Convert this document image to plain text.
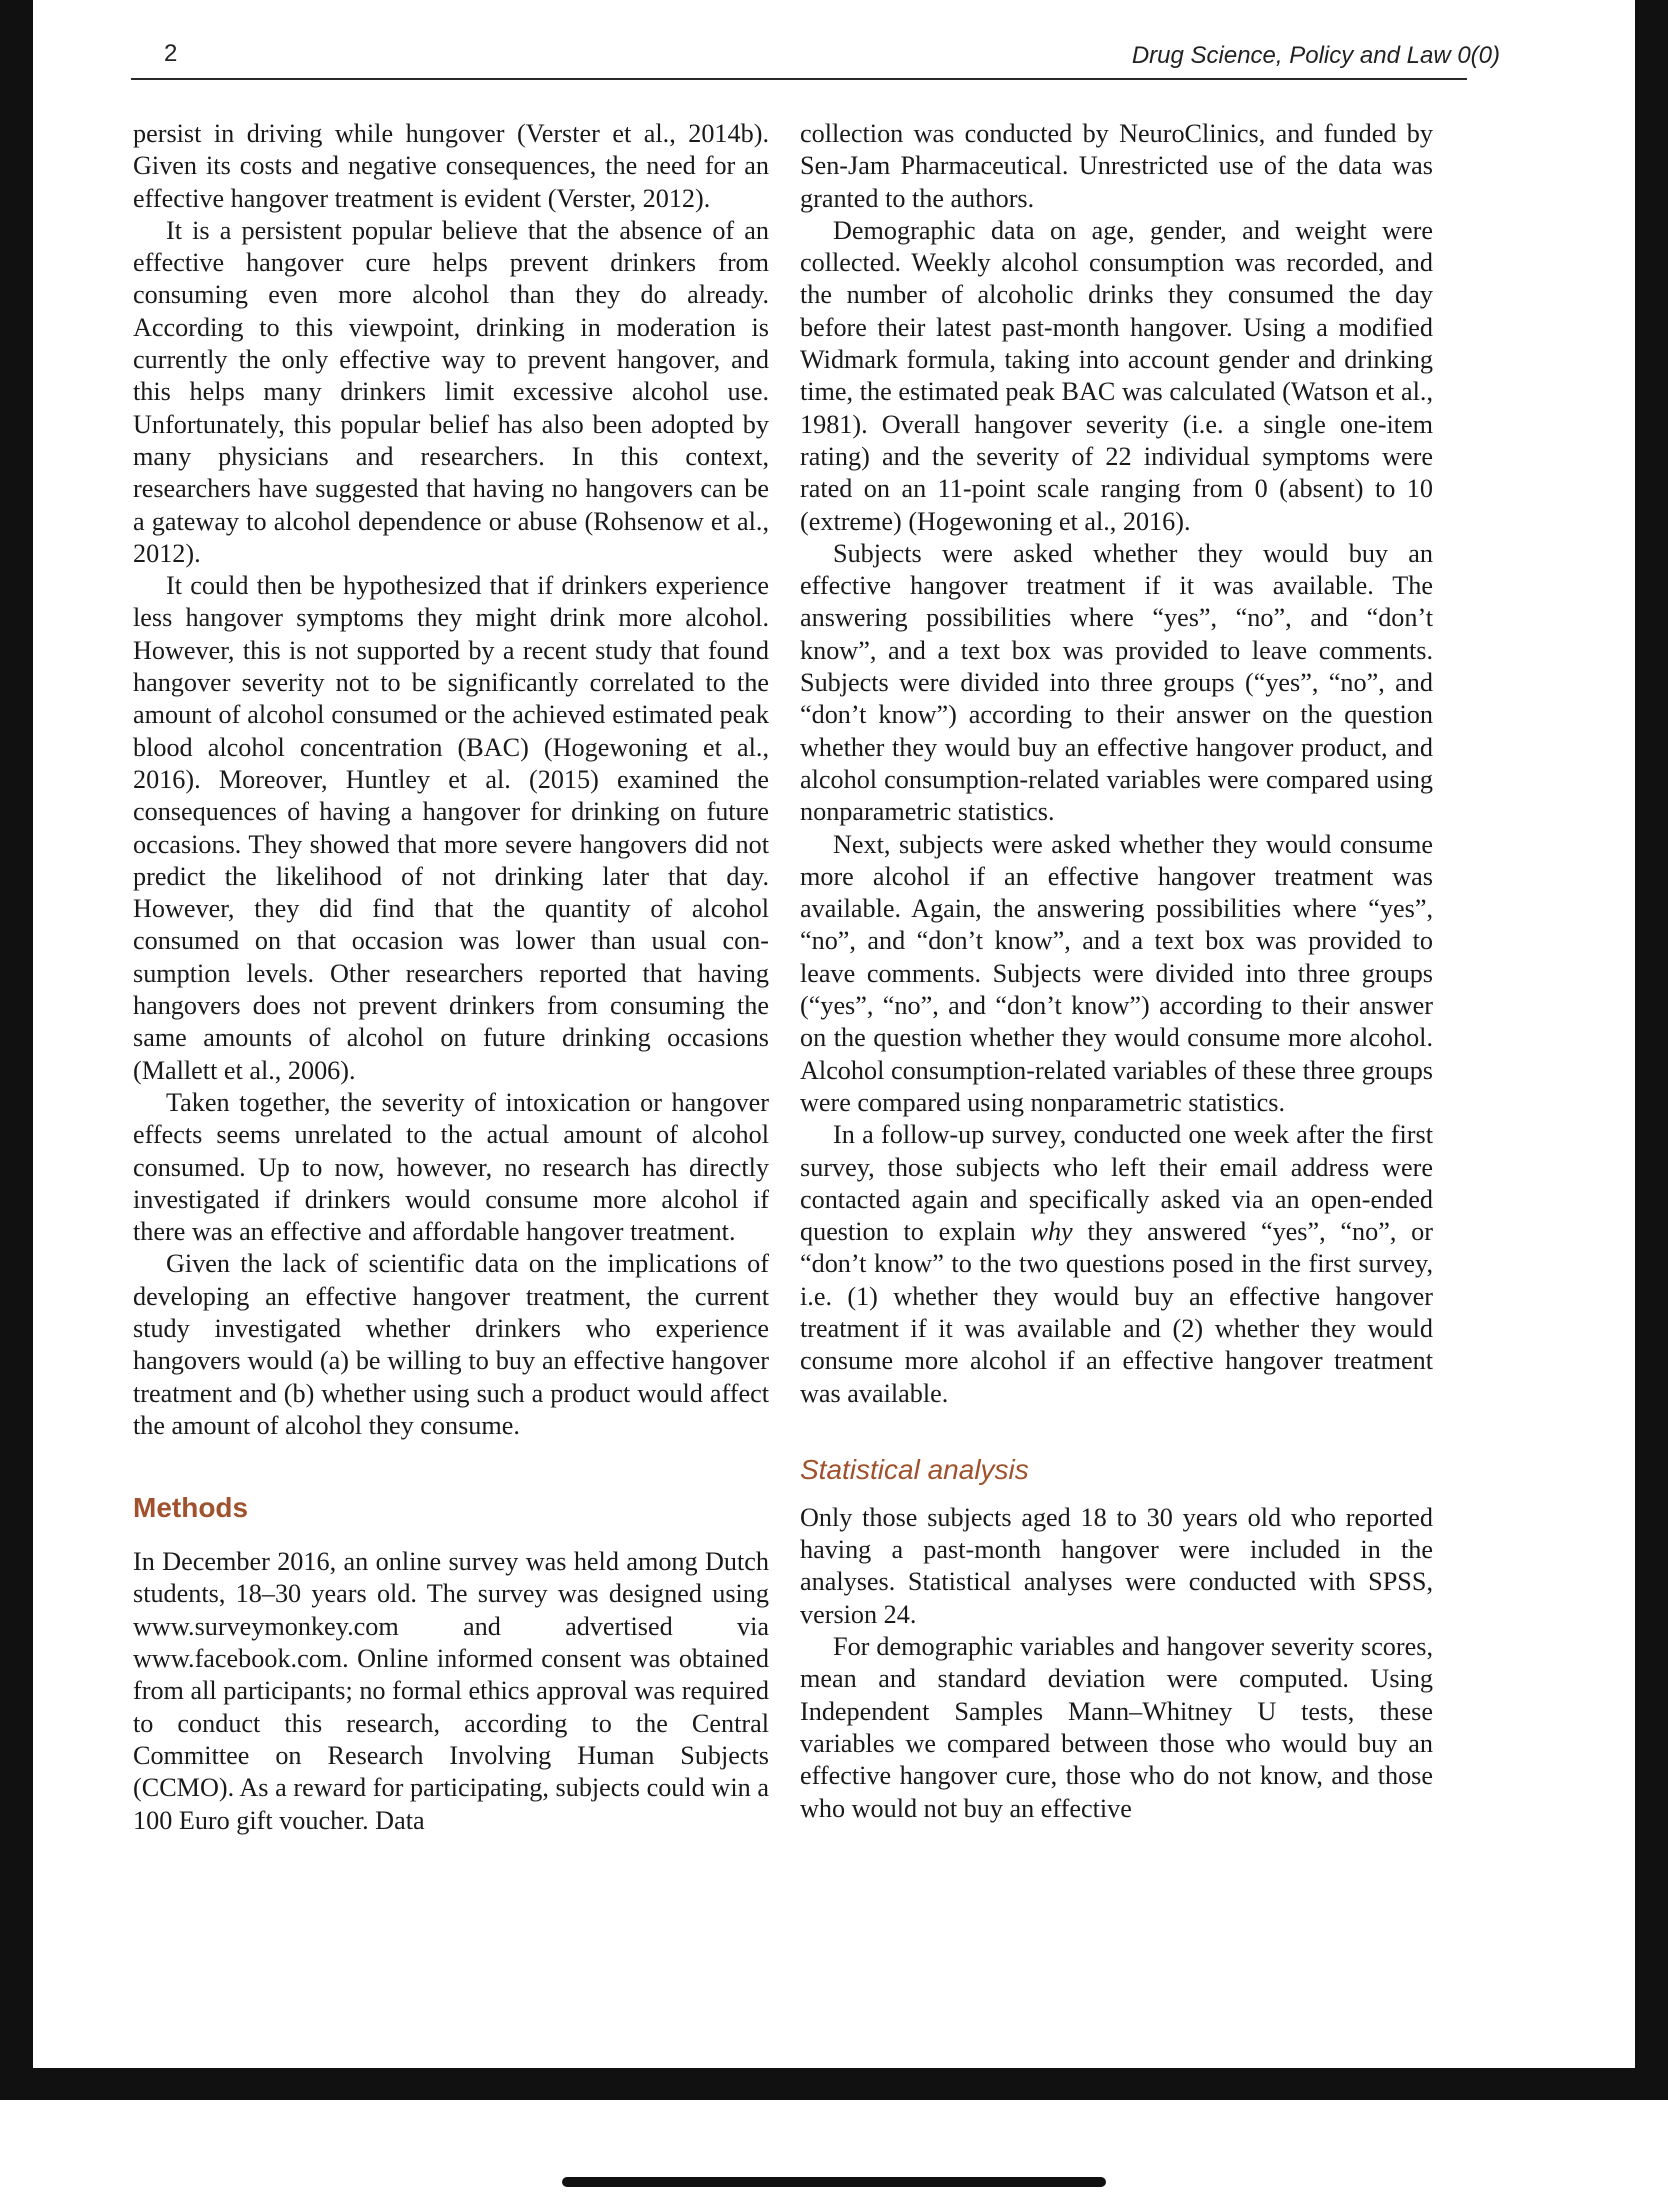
2	Drug Science, Policy and Law 0(0)

persist in driving while hungover (Verster et al., 2014b). Given its costs and negative consequences, the need for an effective hangover treatment is evident (Verster, 2012).

It is a persistent popular believe that the absence of an effective hangover cure helps prevent drinkers from consuming even more alcohol than they do already. According to this viewpoint, drinking in moderation is currently the only effective way to prevent hangover, and this helps many drinkers limit excessive alcohol use. Unfortunately, this popular belief has also been adopted by many physicians and researchers. In this context, researchers have suggested that having no hangovers can be a gateway to alcohol dependence or abuse (Rohsenow et al., 2012).

It could then be hypothesized that if drinkers experience less hangover symptoms they might drink more alcohol. However, this is not supported by a recent study that found hangover severity not to be significantly correlated to the amount of alcohol consumed or the achieved estimated peak blood alcohol concentration (BAC) (Hogewoning et al., 2016). Moreover, Huntley et al. (2015) examined the consequences of having a hangover for drinking on future occasions. They showed that more severe hangovers did not predict the likelihood of not drinking later that day. However, they did find that the quantity of alcohol consumed on that occasion was lower than usual consumption levels. Other researchers reported that having hangovers does not prevent drinkers from consuming the same amounts of alcohol on future drinking occasions (Mallett et al., 2006).

Taken together, the severity of intoxication or hangover effects seems unrelated to the actual amount of alcohol consumed. Up to now, however, no research has directly investigated if drinkers would consume more alcohol if there was an effective and affordable hangover treatment.

Given the lack of scientific data on the implications of developing an effective hangover treatment, the current study investigated whether drinkers who experience hangovers would (a) be willing to buy an effective hangover treatment and (b) whether using such a product would affect the amount of alcohol they consume.

Methods

In December 2016, an online survey was held among Dutch students, 18–30 years old. The survey was designed using www.surveymonkey.com and advertised via www.facebook.com. Online informed consent was obtained from all participants; no formal ethics approval was required to conduct this research, according to the Central Committee on Research Involving Human Subjects (CCMO). As a reward for participating, subjects could win a 100 Euro gift voucher. Data

collection was conducted by NeuroClinics, and funded by Sen-Jam Pharmaceutical. Unrestricted use of the data was granted to the authors.

Demographic data on age, gender, and weight were collected. Weekly alcohol consumption was recorded, and the number of alcoholic drinks they consumed the day before their latest past-month hangover. Using a modified Widmark formula, taking into account gender and drinking time, the estimated peak BAC was calculated (Watson et al., 1981). Overall hangover severity (i.e. a single one-item rating) and the severity of 22 individual symptoms were rated on an 11-point scale ranging from 0 (absent) to 10 (extreme) (Hogewoning et al., 2016).

Subjects were asked whether they would buy an effective hangover treatment if it was available. The answering possibilities where “yes”, “no”, and “don’t know”, and a text box was provided to leave comments. Subjects were divided into three groups (“yes”, “no”, and “don’t know”) according to their answer on the question whether they would buy an effective hangover product, and alcohol consumption-related variables were compared using nonparametric statistics.

Next, subjects were asked whether they would consume more alcohol if an effective hangover treatment was available. Again, the answering possibilities where “yes”, “no”, and “don’t know”, and a text box was provided to leave comments. Subjects were divided into three groups (“yes”, “no”, and “don’t know”) according to their answer on the question whether they would consume more alcohol. Alcohol consumption-related variables of these three groups were compared using nonparametric statistics.

In a follow-up survey, conducted one week after the first survey, those subjects who left their email address were contacted again and specifically asked via an open-ended question to explain why they answered “yes”, “no”, or “don’t know” to the two questions posed in the first survey, i.e. (1) whether they would buy an effective hangover treatment if it was available and (2) whether they would consume more alcohol if an effective hangover treatment was available.

Statistical analysis

Only those subjects aged 18 to 30 years old who reported having a past-month hangover were included in the analyses. Statistical analyses were conducted with SPSS, version 24.

For demographic variables and hangover severity scores, mean and standard deviation were computed. Using Independent Samples Mann–Whitney U tests, these variables we compared between those who would buy an effective hangover cure, those who do not know, and those who would not buy an effective
